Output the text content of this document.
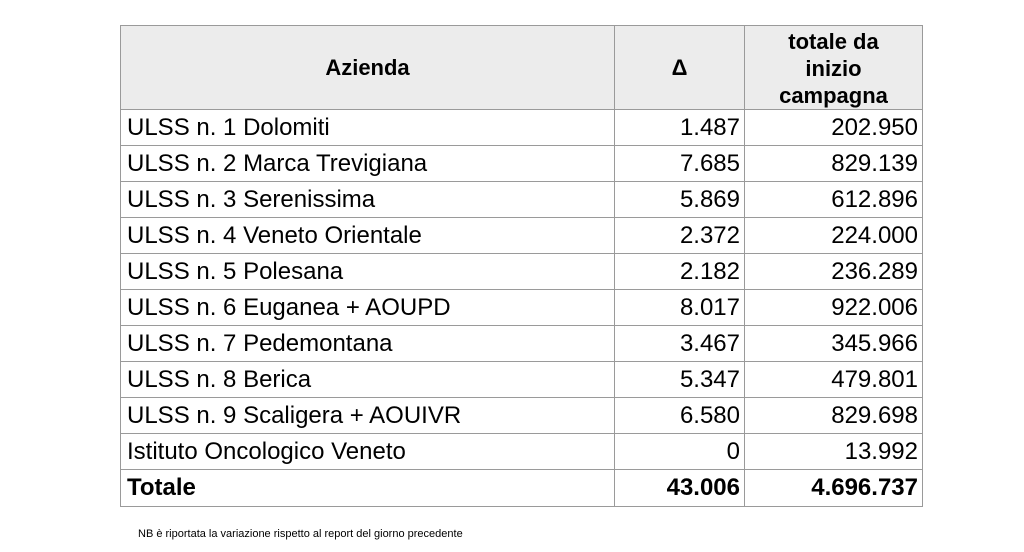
Azienda	Δ	totale da inizio campagna

ULSS n. 1 Dolomiti	1.487	202.950
ULSS n. 2 Marca Trevigiana	7.685	829.139
ULSS n. 3 Serenissima	5.869	612.896
ULSS n. 4 Veneto Orientale	2.372	224.000
ULSS n. 5 Polesana	2.182	236.289
ULSS n. 6 Euganea + AOUPD	8.017	922.006
ULSS n. 7 Pedemontana	3.467	345.966
ULSS n. 8 Berica	5.347	479.801
ULSS n. 9 Scaligera + AOUIVR	6.580	829.698
Istituto Oncologico Veneto	0	13.992
Totale	43.006	4.696.737
NB è riportata la variazione rispetto al report del giorno precedente
